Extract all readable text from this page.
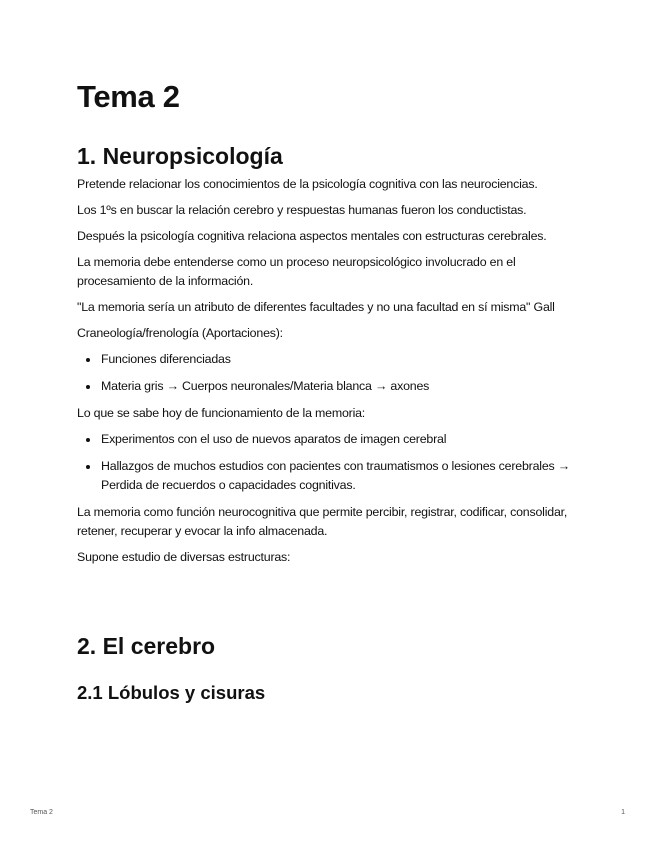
Tema 2
1. Neuropsicología

Pretende relacionar los conocimientos de la psicología cognitiva con las neurociencias.

Los 1ºs en buscar la relación cerebro y respuestas humanas fueron los conductistas.

Después la psicología cognitiva relaciona aspectos mentales con estructuras cerebrales.

La memoria debe entenderse como un proceso neuropsicológico involucrado en el procesamiento de la información.

"La memoria sería un atributo de diferentes facultades y no una facultad en sí misma" Gall

Craneología/frenología (Aportaciones):

Funciones diferenciadas
Materia gris → Cuerpos neuronales/Materia blanca → axones

Lo que se sabe hoy de funcionamiento de la memoria:

Experimentos con el uso de nuevos aparatos de imagen cerebral
Hallazgos de muchos estudios con pacientes con traumatismos o lesiones cerebrales → Perdida de recuerdos o capacidades cognitivas.

La memoria como función neurocognitiva que permite percibir, registrar, codificar, consolidar, retener, recuperar y evocar la info almacenada.

Supone estudio de diversas estructuras:

2. El cerebro
2.1 Lóbulos y cisuras
Tema 2	1
